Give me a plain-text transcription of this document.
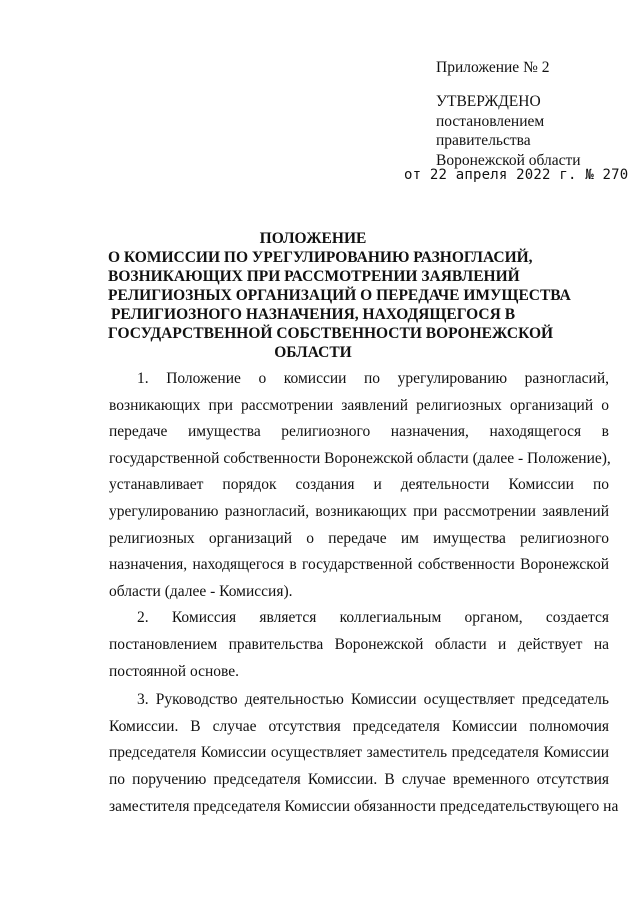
Приложение № 2
УТВЕРЖДЕНО
постановлением
правительства
Воронежской области
от 22 апреля 2022 г. № 270
ПОЛОЖЕНИЕ
О КОМИССИИ ПО УРЕГУЛИРОВАНИЮ РАЗНОГЛАСИЙ,
ВОЗНИКАЮЩИХ ПРИ РАССМОТРЕНИИ ЗАЯВЛЕНИЙ
РЕЛИГИОЗНЫХ ОРГАНИЗАЦИЙ О ПЕРЕДАЧЕ ИМУЩЕСТВА
РЕЛИГИОЗНОГО НАЗНАЧЕНИЯ, НАХОДЯЩЕГОСЯ В
ГОСУДАРСТВЕННОЙ СОБСТВЕННОСТИ ВОРОНЕЖСКОЙ
ОБЛАСТИ
1. Положение о комиссии по урегулированию разногласий,
возникающих при рассмотрении заявлений религиозных организаций о
передаче имущества религиозного назначения, находящегося в
государственной собственности Воронежской области (далее - Положение),
устанавливает порядок создания и деятельности Комиссии по
урегулированию разногласий, возникающих при рассмотрении заявлений
религиозных организаций о передаче им имущества религиозного
назначения, находящегося в государственной собственности Воронежской
области (далее - Комиссия).
2. Комиссия является коллегиальным органом, создается
постановлением правительства Воронежской области и действует на
постоянной основе.
3. Руководство деятельностью Комиссии осуществляет председатель
Комиссии. В случае отсутствия председателя Комиссии полномочия
председателя Комиссии осуществляет заместитель председателя Комиссии
по поручению председателя Комиссии. В случае временного отсутствия
заместителя председателя Комиссии обязанности председательствующего на
